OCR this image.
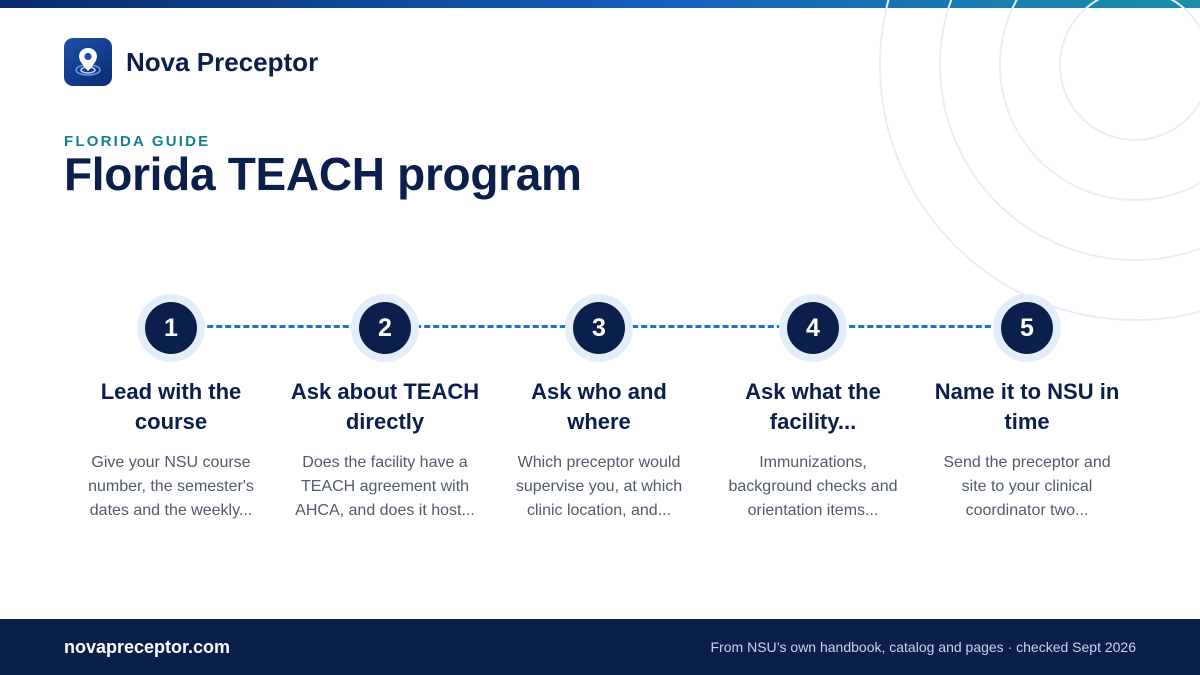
Nova Preceptor
FLORIDA GUIDE
Florida TEACH program
1
Lead with the course
Give your NSU course number, the semester's dates and the weekly...
2
Ask about TEACH directly
Does the facility have a TEACH agreement with AHCA, and does it host...
3
Ask who and where
Which preceptor would supervise you, at which clinic location, and...
4
Ask what the facility...
Immunizations, background checks and orientation items...
5
Name it to NSU in time
Send the preceptor and site to your clinical coordinator two...
novapreceptor.com	From NSU’s own handbook, catalog and pages · checked Sept 2026
